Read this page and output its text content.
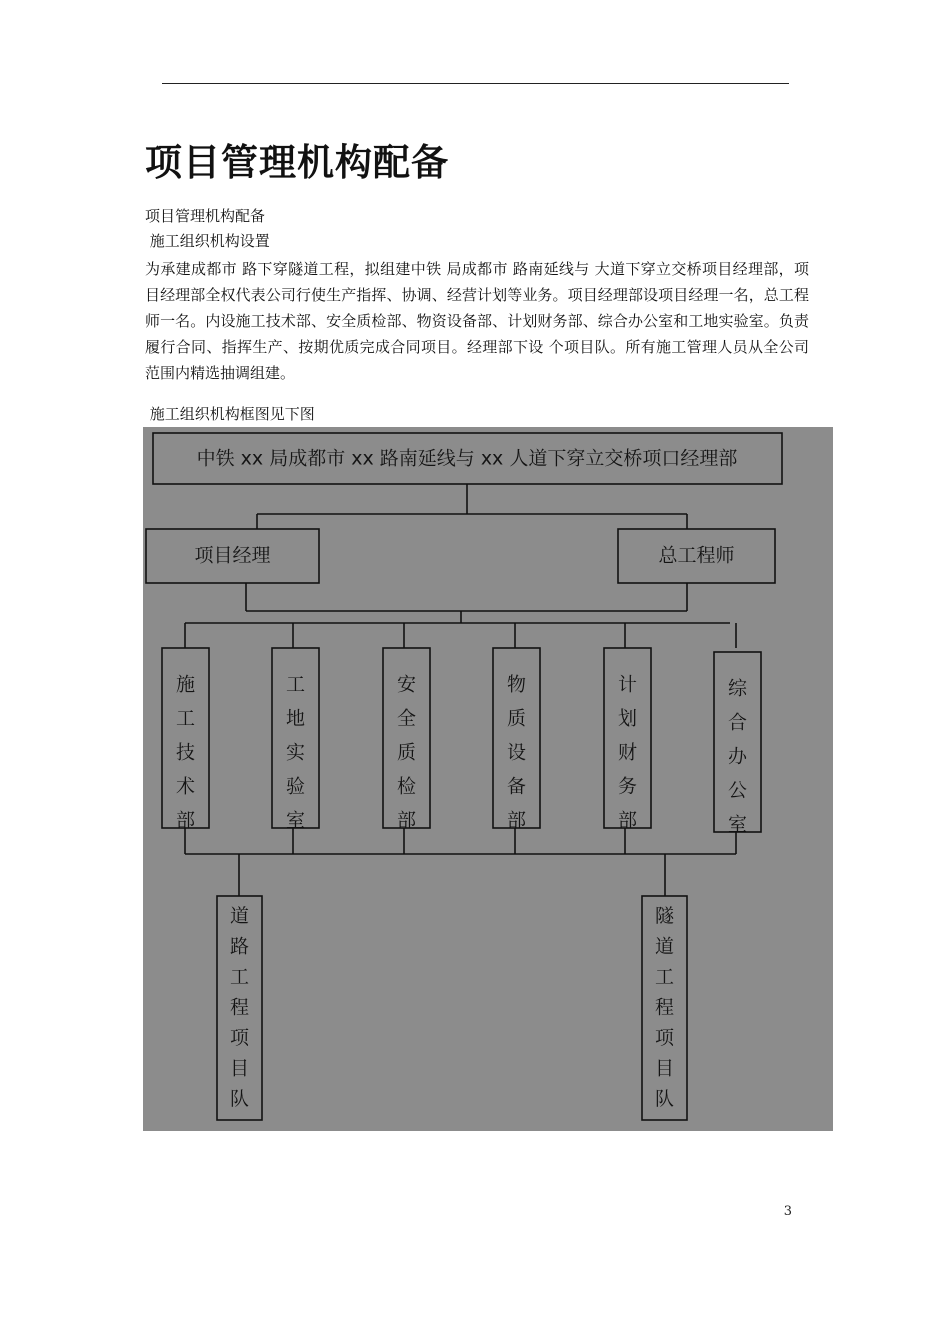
项目管理机构配备
项目管理机构配备
施工组织机构设置

为承建成都市 路下穿隧道工程，拟组建中铁 局成都市 路南延线与 大道下穿立交桥项目经理部，项目经理部全权代表公司行使生产指挥、协调、经营计划等业务。项目经理部设项目经理一名，总工程师一名。内设施工技术部、安全质检部、物资设备部、计划财务部、综合办公室和工地实验室。负责履行合同、指挥生产、按期优质完成合同项目。经理部下设 个项目队。所有施工管理人员从全公司范围内精选抽调组建。

施工组织机构框图见下图
中铁 xx 局成都市 xx 路南延线与 xx 人道下穿立交桥项口经理部
项目经理	总工程师
施
工
技
术
部
工
地
实
验
室
安
全
质
检
部
物
质
设
备
部
计
划
财
务
部
综
合
办
公
室
道
路
工
程
项
目
队
隧
道
工
程
项
目
队
3
